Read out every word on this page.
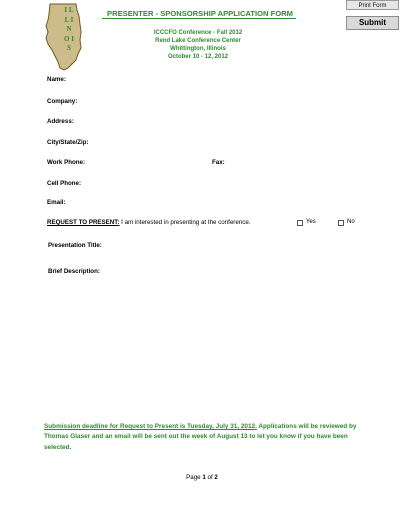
Print Form
Submit
I L L I N O I S
PRESENTER - SPONSORSHIP APPLICATION FORM
ICCCFO Conference - Fall 2012
Rend Lake Conference Center
Whittington, Illinois
October 10 - 12, 2012
Name:
Company:
Address:
City/State/Zip:
Work Phone:	Fax:
Cell Phone:
Email:
REQUEST TO PRESENT: I am interested in presenting at the conference.	Yes	No
Presentation Title:
Brief Description:
Submission deadline for Request to Present is Tuesday, July 31, 2012. Applications will be reviewed by Thomas Glaser and an email will be sent out the week of August 13 to let you know if you have been selected.
Page 1 of 2
